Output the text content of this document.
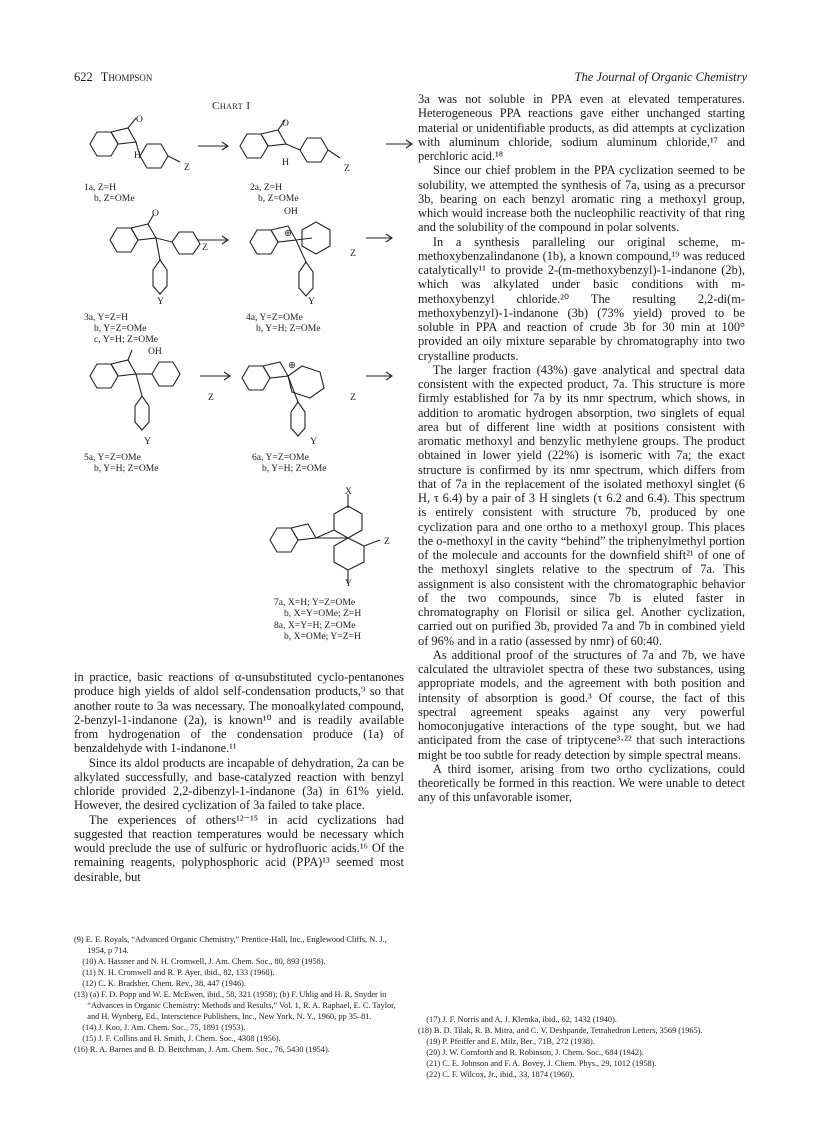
622 Thompson	The Journal of Organic Chemistry
Chart I
O
H
Z
O
H
Z
1a, Z=H
b, Z=OMe
2a, Z=H
b, Z=OMe
O
Z
Y
OH
⊕
Z
Y
3a, Y=Z=H
b, Y=Z=OMe
c, Y=H; Z=OMe
4a, Y=Z=OMe
b, Y=H; Z=OMe
OH
Z
Y
⊕
Z
Y
5a, Y=Z=OMe
b, Y=H; Z=OMe
6a, Y=Z=OMe
b, Y=H; Z=OMe
X
Z
Y
7a, X=H; Y=Z=OMe
b, X=Y=OMe; Z=H
8a, X=Y=H; Z=OMe
b, X=OMe; Y=Z=H

in practice, basic reactions of α-unsubstituted cyclo-pentanones produce high yields of aldol self-condensation products,⁹ so that another route to 3a was necessary. The monoalkylated compound, 2-benzyl-1-indanone (2a), is known¹⁰ and is readily available from hydrogenation of the condensation produce (1a) of benzaldehyde with 1-indanone.¹¹

Since its aldol products are incapable of dehydration, 2a can be alkylated successfully, and base-catalyzed reaction with benzyl chloride provided 2,2-dibenzyl-1-indanone (3a) in 61% yield. However, the desired cyclization of 3a failed to take place.

The experiences of others¹²⁻¹⁵ in acid cyclizations had suggested that reaction temperatures would be necessary which would preclude the use of sulfuric or hydrofluoric acids.¹⁶ Of the remaining reagents, polyphosphoric acid (PPA)¹³ seemed most desirable, but

3a was not soluble in PPA even at elevated temperatures. Heterogeneous PPA reactions gave either unchanged starting material or unidentifiable products, as did attempts at cyclization with aluminum chloride, sodium aluminum chloride,¹⁷ and perchloric acid.¹⁸

Since our chief problem in the PPA cyclization seemed to be solubility, we attempted the synthesis of 7a, using as a precursor 3b, bearing on each benzyl aromatic ring a methoxyl group, which would increase both the nucleophilic reactivity of that ring and the solubility of the compound in polar solvents.

In a synthesis paralleling our original scheme, m-methoxybenzalindanone (1b), a known compound,¹⁹ was reduced catalytically¹¹ to provide 2-(m-methoxybenzyl)-1-indanone (2b), which was alkylated under basic conditions with m-methoxybenzyl chloride.²⁰ The resulting 2,2-di(m-methoxybenzyl)-1-indanone (3b) (73% yield) proved to be soluble in PPA and reaction of crude 3b for 30 min at 100° provided an oily mixture separable by chromatography into two crystalline products.

The larger fraction (43%) gave analytical and spectral data consistent with the expected product, 7a. This structure is more firmly established for 7a by its nmr spectrum, which shows, in addition to aromatic hydrogen absorption, two singlets of equal area but of different line width at positions consistent with aromatic methoxyl and benzylic methylene groups. The product obtained in lower yield (22%) is isomeric with 7a; the exact structure is confirmed by its nmr spectrum, which differs from that of 7a in the replacement of the isolated methoxyl singlet (6 H, τ 6.4) by a pair of 3 H singlets (τ 6.2 and 6.4). This spectrum is entirely consistent with structure 7b, produced by one cyclization para and one ortho to a methoxyl group. This places the o-methoxyl in the cavity “behind” the triphenylmethyl portion of the molecule and accounts for the downfield shift²¹ of one of the methoxyl singlets relative to the spectrum of 7a. This assignment is also consistent with the chromatographic behavior of the two compounds, since 7b is eluted faster in chromatography on Florisil or silica gel. Another cyclization, carried out on purified 3b, provided 7a and 7b in combined yield of 96% and in a ratio (assessed by nmr) of 60:40.

As additional proof of the structures of 7a and 7b, we have calculated the ultraviolet spectra of these two substances, using appropriate models, and the agreement with both position and intensity of absorption is good.³ Of course, the fact of this spectral agreement speaks against any very powerful homoconjugative interactions of the type sought, but we had anticipated from the case of triptycene³·²² that such interactions might be too subtle for ready detection by simple spectral means.

A third isomer, arising from two ortho cyclizations, could theoretically be formed in this reaction. We were unable to detect any of this unfavorable isomer,

(9) E. E. Royals, “Advanced Organic Chemistry,” Prentice-Hall, Inc., Englewood Cliffs, N. J., 1954, p 714.
(10) A. Hassner and N. H. Cromwell, J. Am. Chem. Soc., 80, 893 (1958).
(11) N. H. Cromwell and R. P. Ayer, ibid., 82, 133 (1960).
(12) C. K. Bradsher, Chem. Rev., 38, 447 (1946).
(13) (a) F. D. Popp and W. E. McEwen, ibid., 58, 321 (1958); (b) F. Uhlig and H. R. Snyder in “Advances in Organic Chemistry: Methods and Results,” Vol. 1, R. A. Raphael, E. C. Taylor, and H. Wynberg, Ed., Interscience Publishers, Inc., New York, N. Y., 1960, pp 35–81.
(14) J. Koo, J. Am. Chem. Soc., 75, 1891 (1953).
(15) J. F. Collins and H. Smith, J. Chem. Soc., 4308 (1956).
(16) R. A. Barnes and B. D. Beitchman, J. Am. Chem. Soc., 76, 5430 (1954).
(17) J. F. Norris and A. J. Klemka, ibid., 62, 1432 (1940).
(18) B. D. Tilak, R. B. Mitra, and C. V. Deshpande, Tetrahedron Letters, 3569 (1965).
(19) P. Pfeiffer and E. Milz, Ber., 71B, 272 (1938).
(20) J. W. Cornforth and R. Robinson, J. Chem. Soc., 684 (1942).
(21) C. E. Johnson and F. A. Bovey, J. Chem. Phys., 29, 1012 (1958).
(22) C. F. Wilcox, Jr., ibid., 33, 1874 (1960).
